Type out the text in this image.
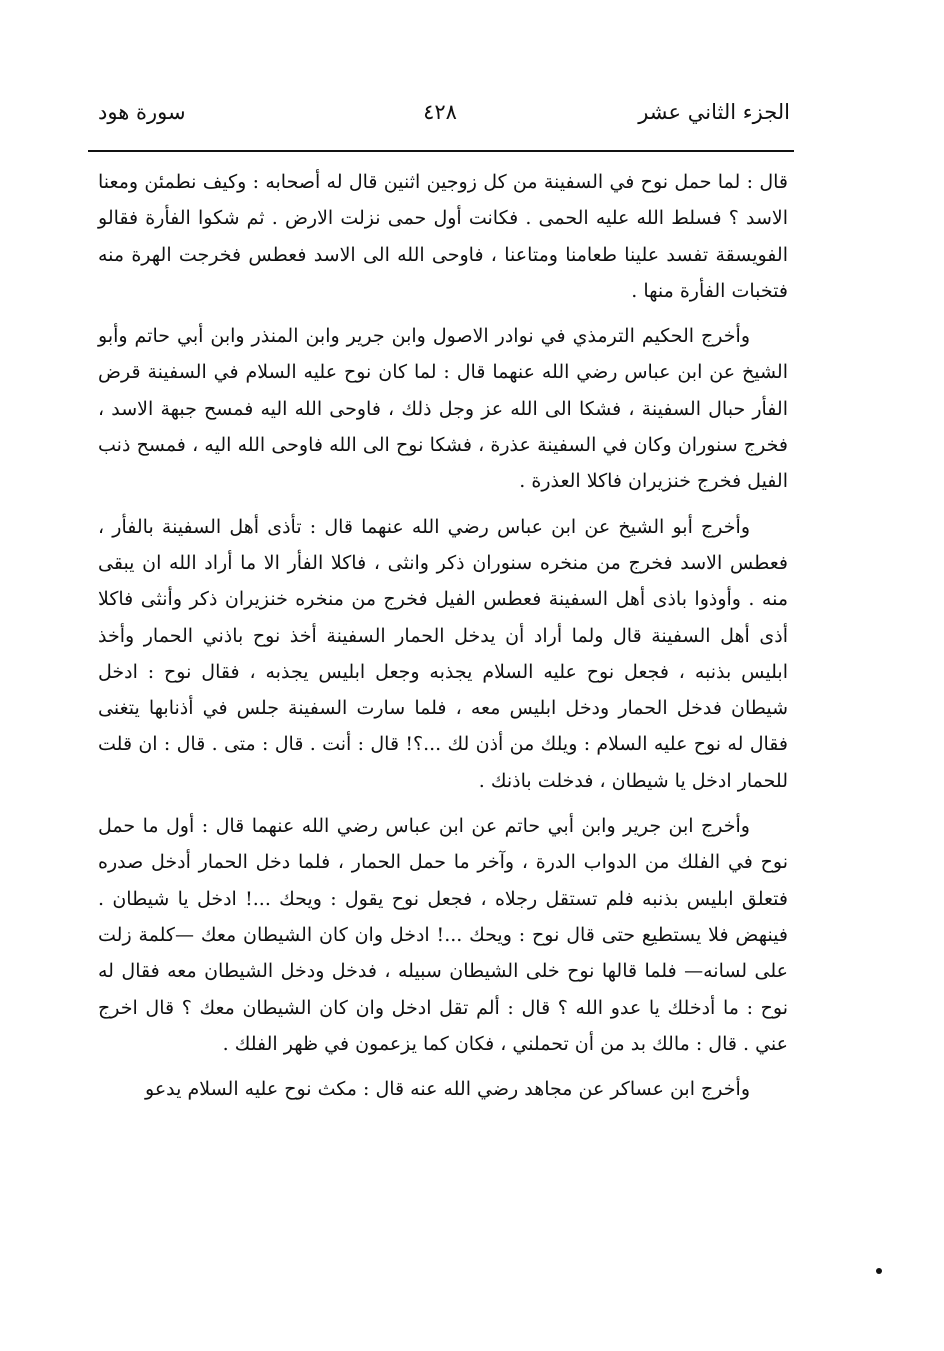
الجزء الثاني عشر
٤٢٨
سورة هود

قال : لما حمل نوح في السفينة من كل زوجين اثنين قال له أصحابه : وكيف نطمئن ومعنا الاسد ؟ فسلط الله عليه الحمى . فكانت أول حمى نزلت الارض . ثم شكوا الفأرة فقالو الفويسقة تفسد علينا طعامنا ومتاعنا ، فاوحى الله الى الاسد فعطس فخرجت الهرة منه فتخبات الفأرة منها .

وأخرج الحكيم الترمذي في نوادر الاصول وابن جرير وابن المنذر وابن أبي حاتم وأبو الشيخ عن ابن عباس رضي الله عنهما قال : لما كان نوح عليه السلام في السفينة قرض الفأر حبال السفينة ، فشكا الى الله عز وجل ذلك ، فاوحى الله اليه فمسح جبهة الاسد ، فخرج سنوران وكان في السفينة عذرة ، فشكا نوح الى الله فاوحى الله اليه ، فمسح ذنب الفيل فخرج خنزيران فاكلا العذرة .

وأخرج أبو الشيخ عن ابن عباس رضي الله عنهما قال : تأذى أهل السفينة بالفأر ، فعطس الاسد فخرج من منخره سنوران ذكر وانثى ، فاكلا الفأر الا ما أراد الله ان يبقى منه . وأوذوا باذى أهل السفينة فعطس الفيل فخرج من منخره خنزيران ذكر وأنثى فاكلا أذى أهل السفينة قال ولما أراد أن يدخل الحمار السفينة أخذ نوح باذني الحمار وأخذ ابليس بذنبه ، فجعل نوح عليه السلام يجذبه وجعل ابليس يجذبه ، فقال نوح : ادخل شيطان فدخل الحمار ودخل ابليس معه ، فلما سارت السفينة جلس في أذنابها يتغنى فقال له نوح عليه السلام : ويلك من أذن لك ...؟! قال : أنت . قال : متى . قال : ان قلت للحمار ادخل يا شيطان ، فدخلت باذنك .

وأخرج ابن جرير وابن أبي حاتم عن ابن عباس رضي الله عنهما قال : أول ما حمل نوح في الفلك من الدواب الدرة ، وآخر ما حمل الحمار ، فلما دخل الحمار أدخل صدره فتعلق ابليس بذنبه فلم تستقل رجلاه ، فجعل نوح يقول : ويحك ...! ادخل يا شيطان . فينهض فلا يستطيع حتى قال نوح : ويحك ...! ادخل وان كان الشيطان معك —كلمة زلت على لسانه— فلما قالها نوح خلى الشيطان سبيله ، فدخل ودخل الشيطان معه فقال له نوح : ما أدخلك يا عدو الله ؟ قال : ألم تقل ادخل وان كان الشيطان معك ؟ قال اخرج عني . قال : مالك بد من أن تحملني ، فكان كما يزعمون في ظهر الفلك .

وأخرج ابن عساكر عن مجاهد رضي الله عنه قال : مكث نوح عليه السلام يدعو
